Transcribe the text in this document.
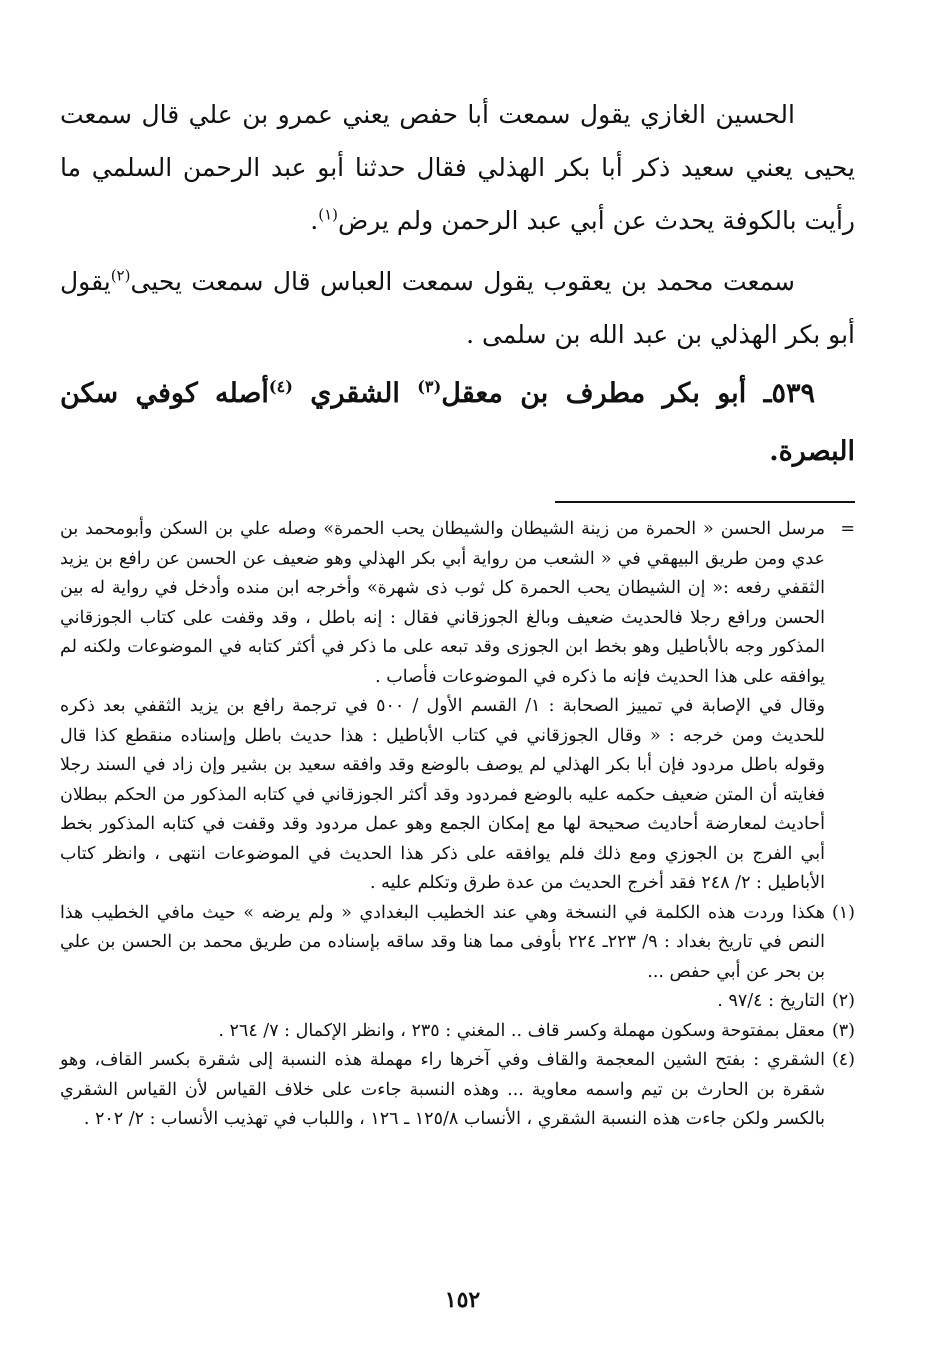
الحسين الغازي يقول سمعت أبا حفص يعني عمرو بن علي قال سمعت يحيى يعني سعيد ذكر أبا بكر الهذلي فقال حدثنا أبو عبد الرحمن السلمي ما رأيت بالكوفة يحدث عن أبي عبد الرحمن ولم يرض$^{(١)}$.

سمعت محمد بن يعقوب يقول سمعت العباس قال سمعت يحيى$^{(٢)}$يقول أبو بكر الهذلي بن عبد الله بن سلمى .

٥٣٩ـ أبو بكر مطرف بن معقل$^{(٣)}$ الشقري $^{(٤)}$أصله كوفي سكن البصرة.
=

مرسل الحسن « الحمرة من زينة الشيطان والشيطان يحب الحمرة» وصله علي بن السكن وأبومحمد بن عدي ومن طريق البيهقي في « الشعب من رواية أبي بكر الهذلي وهو ضعيف عن الحسن عن رافع بن يزيد الثقفي رفعه :« إن الشيطان يحب الحمرة كل ثوب ذى شهرة» وأخرجه ابن منده وأدخل في رواية له بين الحسن ورافع رجلا فالحديث ضعيف وبالغ الجوزقاني فقال : إنه باطل ، وقد وقفت على كتاب الجوزقاني المذكور وجه بالأباطيل وهو بخط ابن الجوزى وقد تبعه على ما ذكر في أكثر كتابه في الموضوعات ولكنه لم يوافقه على هذا الحديث فإنه ما ذكره في الموضوعات فأصاب .

وقال في الإصابة في تمييز الصحابة : ١/ القسم الأول / ٥٠٠ في ترجمة رافع بن يزيد الثقفي بعد ذكره للحديث ومن خرجه : « وقال الجوزقاني في كتاب الأباطيل : هذا حديث باطل وإسناده منقطع كذا قال وقوله باطل مردود فإن أبا بكر الهذلي لم يوصف بالوضع وقد وافقه سعيد بن بشير وإن زاد في السند رجلا فغايته أن المتن ضعيف حكمه عليه بالوضع فمردود وقد أكثر الجوزقاني في كتابه المذكور من الحكم ببطلان أحاديث لمعارضة أحاديث صحيحة لها مع إمكان الجمع وهو عمل مردود وقد وقفت في كتابه المذكور بخط أبي الفرج بن الجوزي ومع ذلك فلم يوافقه على ذكر هذا الحديث في الموضوعات انتهى ، وانظر كتاب الأباطيل : ٢/ ٢٤٨ فقد أخرج الحديث من عدة طرق وتكلم عليه .

(١)

هكذا وردت هذه الكلمة في النسخة وهي عند الخطيب البغدادي « ولم يرضه » حيث مافي الخطيب هذا النص في تاريخ بغداد : ٩/ ٢٢٣ـ ٢٢٤ بأوفى مما هنا وقد ساقه بإسناده من طريق محمد بن الحسن بن علي بن بحر عن أبي حفص ...

(٢)

التاريخ : ٩٧/٤ .

(٣)

معقل بمفتوحة وسكون مهملة وكسر قاف .. المغني : ٢٣٥ ، وانظر الإكمال : ٧/ ٢٦٤ .

(٤)

الشقري : بفتح الشين المعجمة والقاف وفي آخرها راء مهملة هذه النسبة إلى شقرة بكسر القاف، وهو شقرة بن الحارث بن تيم واسمه معاوية ... وهذه النسبة جاءت على خلاف القياس لأن القياس الشقري بالكسر ولكن جاءت هذه النسبة الشقري ، الأنساب ١٢٥/٨ ـ ١٢٦ ، واللباب في تهذيب الأنساب : ٢/ ٢٠٢ .

١٥٢
